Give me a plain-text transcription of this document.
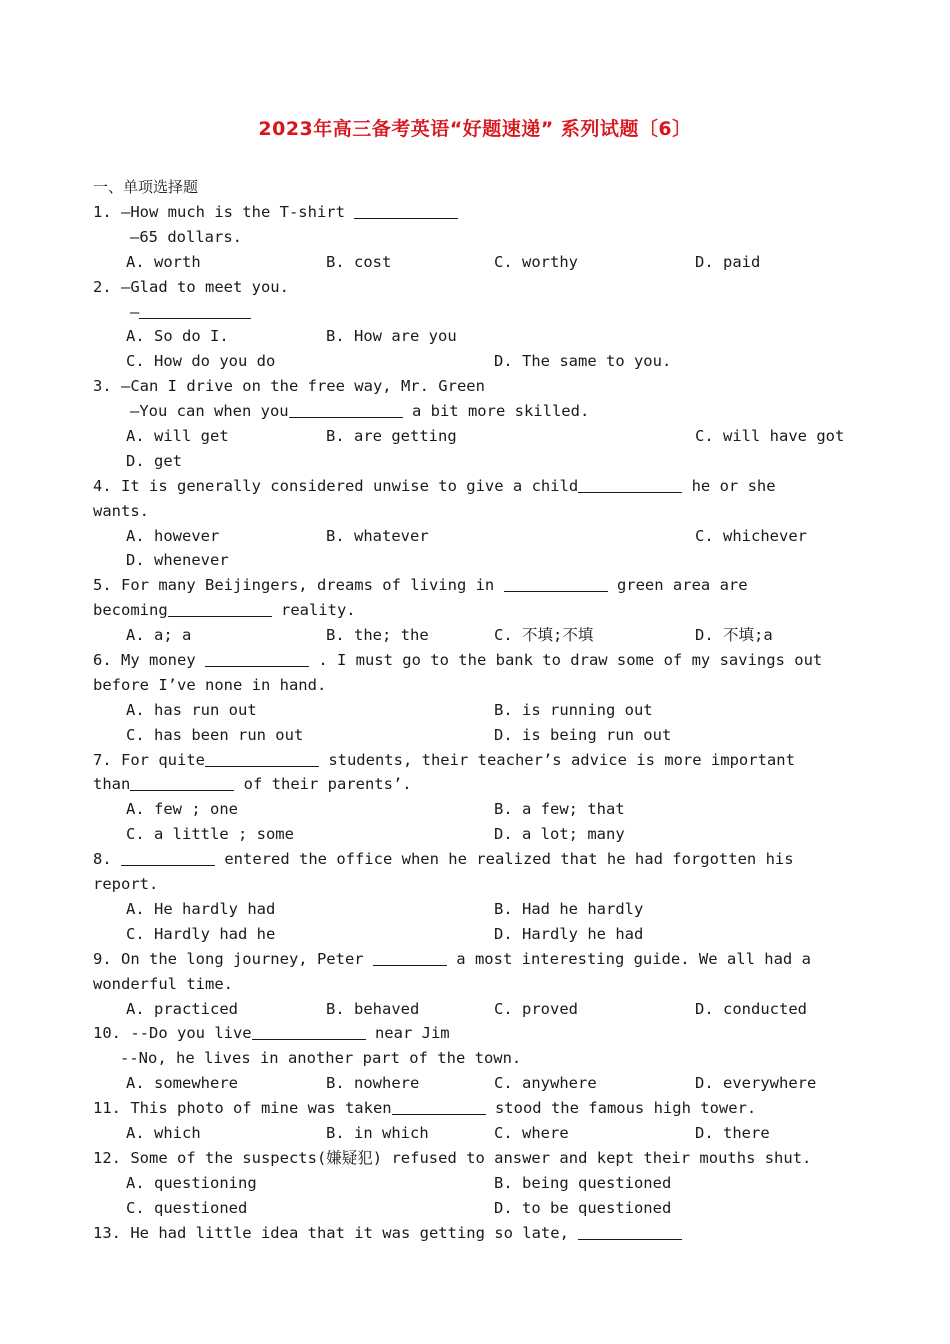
2023年高三备考英语“好题速递” 系列试题〔6〕
一、单项选择题
1. —How much is the T-shirt
—65 dollars.

A. worth

	B. cost

	C. worthy

	D. paid

2. —Glad to meet you.
—

A. So do I.

	B. How are you

C. How do you do

	D. The same to you.

3. —Can I drive on the free way, Mr. Green
—You can when you	a bit more skilled.

A. will get

	B. are getting

	C. will have got

D. get

4. It is generally considered unwise to give a child	he or she
wants.

A. however

	B. whatever

	C. whichever

D. whenever

5. For many Beijingers, dreams of living in	green area are
becoming	reality.

A. a; a

	B. the; the

	C. 不填;不填

	D. 不填;a

6. My money	. I must go to the bank to draw some of my savings out
before I’ve none in hand.

A. has run out

	B. is running out

C. has been run out

	D. is being run out

7. For quite	students, their teacher’s advice is more important
than	of their parents’.

A. few ; one

	B. a few; that

C. a little ; some

	D. a lot; many

8.	entered the office when he realized that he had forgotten his
report.

A. He hardly had

	B. Had he hardly

C. Hardly had he

	D. Hardly he had

9. On the long journey, Peter	a most interesting guide. We all had a
wonderful time.

A. practiced

	B. behaved

	C. proved

	D. conducted

10. --Do you live	near Jim
--No, he lives in another part of the town.

A. somewhere

	B. nowhere

	C. anywhere

	D. everywhere

11. This photo of mine was taken	stood the famous high tower.

A. which

	B. in which

	C. where

	D. there

12. Some of the suspects(嫌疑犯) refused to answer and kept their mouths shut.

A. questioning

	B. being questioned

C. questioned

	D. to be questioned

13. He had little idea that it was getting so late,
